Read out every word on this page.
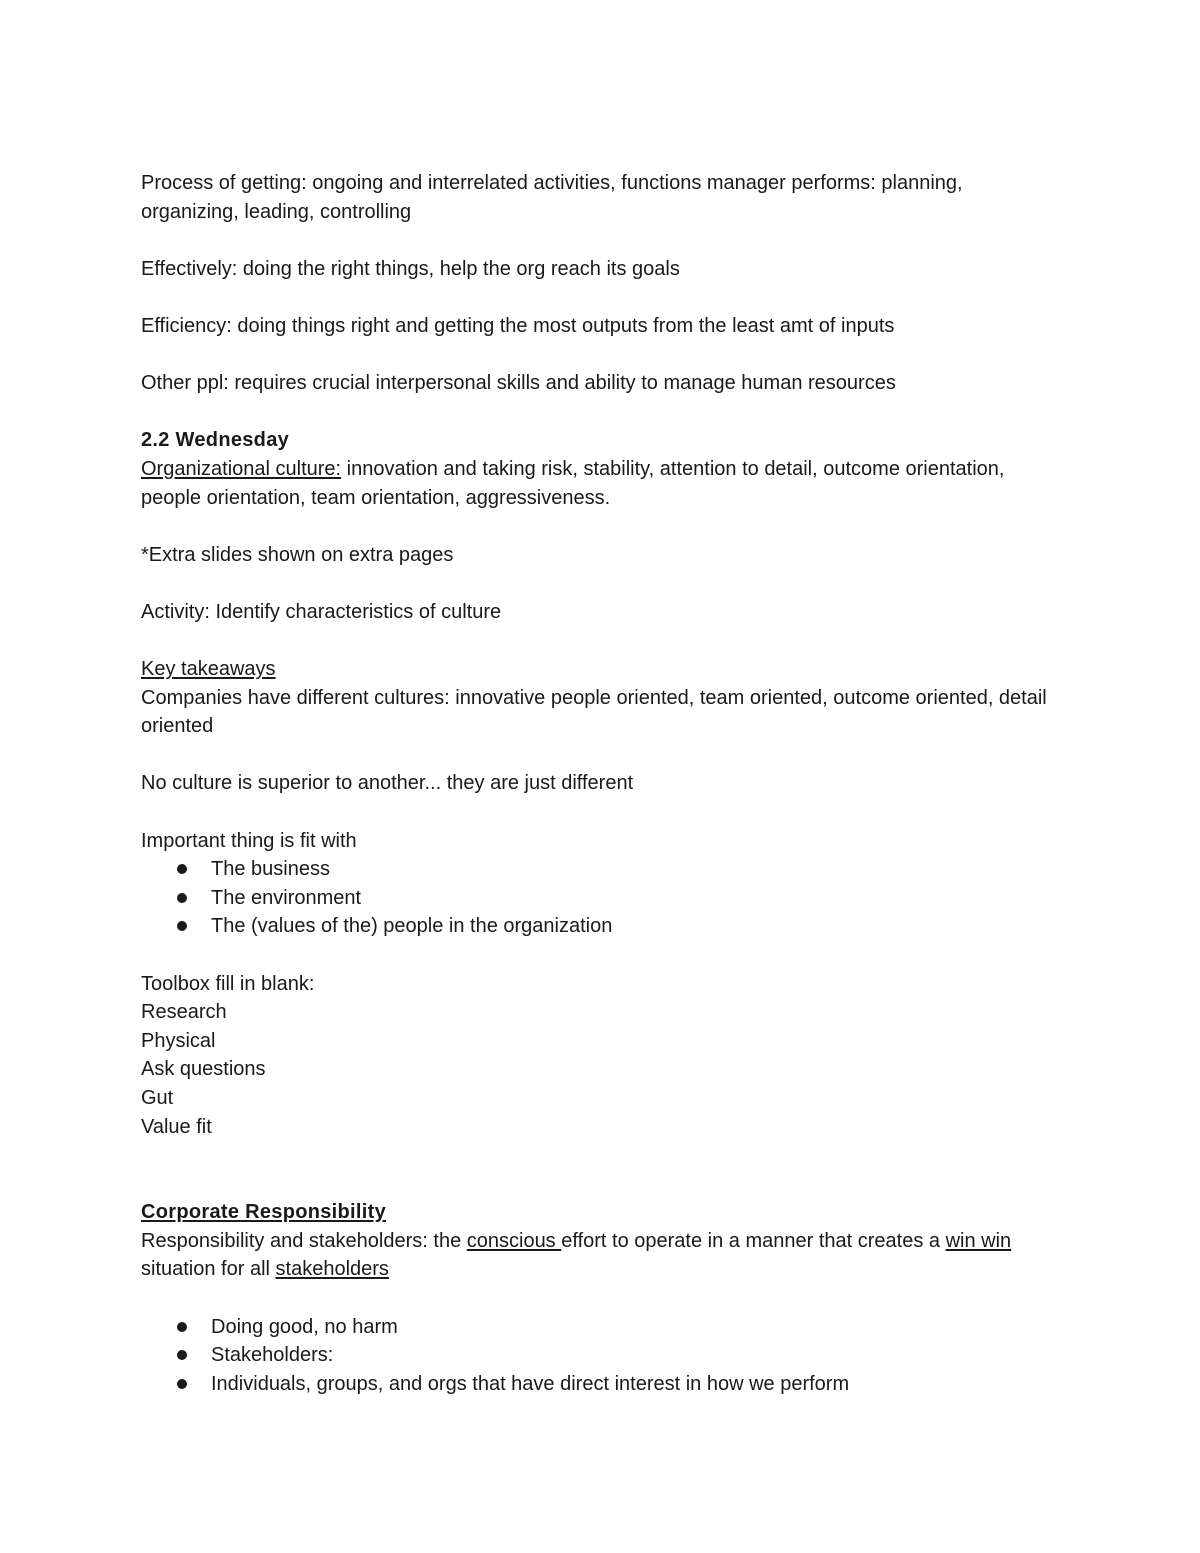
Process of getting: ongoing and interrelated activities, functions manager performs: planning, organizing, leading, controlling

Effectively: doing the right things, help the org reach its goals

Efficiency: doing things right and getting the most outputs from the least amt of inputs

Other ppl: requires crucial interpersonal skills and ability to manage human resources

2.2 Wednesday

Organizational culture: innovation and taking risk, stability, attention to detail, outcome orientation, people orientation, team orientation, aggressiveness.

*Extra slides shown on extra pages

Activity: Identify characteristics of culture

Key takeaways

Companies have different cultures: innovative people oriented, team oriented, outcome oriented, detail oriented

No culture is superior to another... they are just different

Important thing is fit with

The business
The environment
The (values of the) people in the organization

Toolbox fill in blank:

Research

Physical

Ask questions

Gut

Value fit

Corporate Responsibility

Responsibility and stakeholders: the conscious effort to operate in a manner that creates a win win situation for all stakeholders

Doing good, no harm
Stakeholders:
Individuals, groups, and orgs that have direct interest in how we perform
